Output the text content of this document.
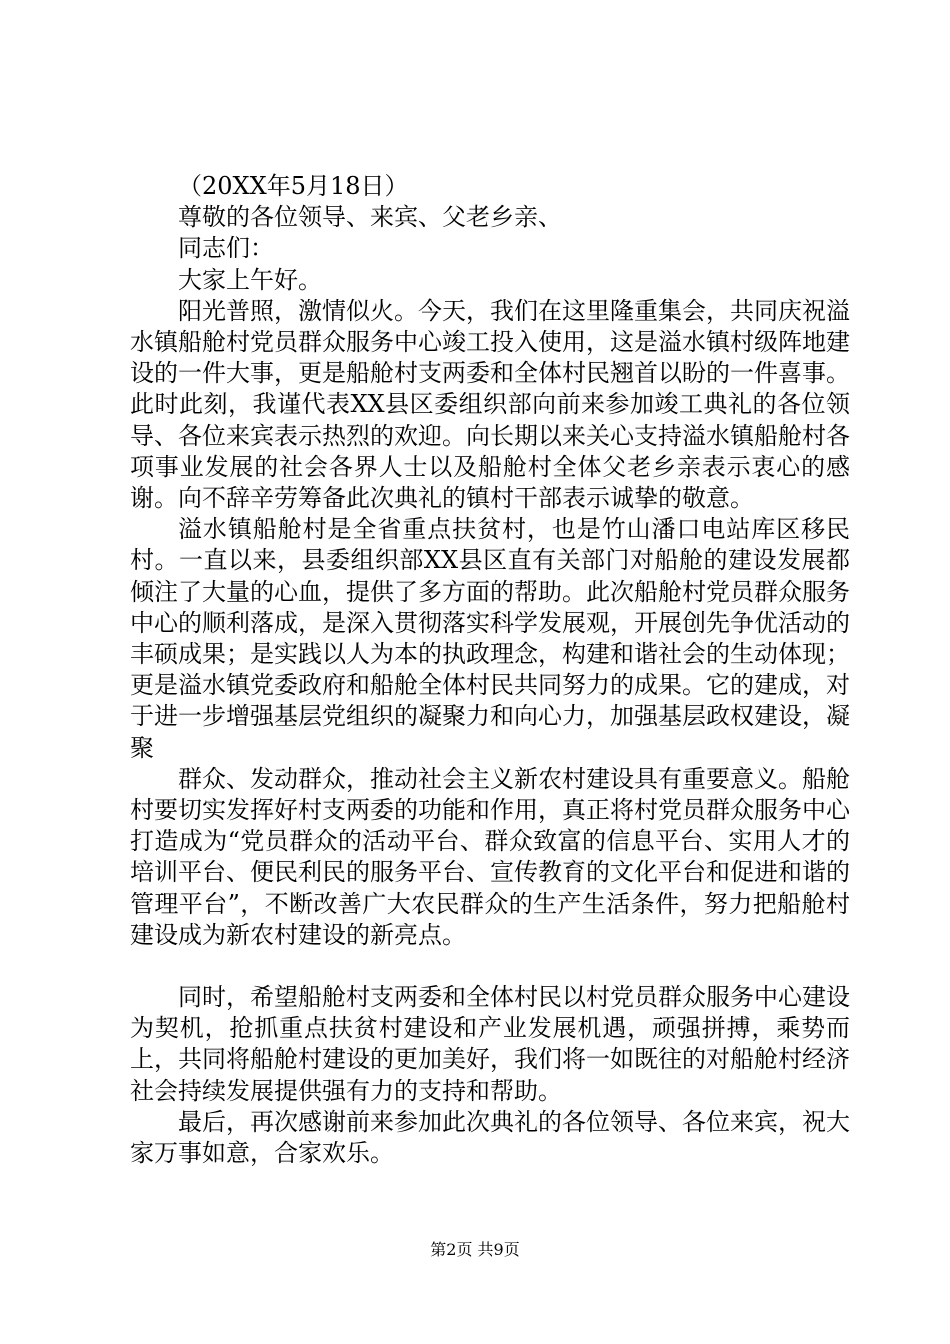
（20XX年5月18日）

尊敬的各位领导、来宾、父老乡亲、

同志们：

大家上午好。

阳光普照，激情似火。今天，我们在这里隆重集会，共同庆祝溢水镇船舱村党员群众服务中心竣工投入使用，这是溢水镇村级阵地建设的一件大事，更是船舱村支两委和全体村民翘首以盼的一件喜事。此时此刻，我谨代表XX县区委组织部向前来参加竣工典礼的各位领导、各位来宾表示热烈的欢迎。向长期以来关心支持溢水镇船舱村各项事业发展的社会各界人士以及船舱村全体父老乡亲表示衷心的感谢。向不辞辛劳筹备此次典礼的镇村干部表示诚挚的敬意。

溢水镇船舱村是全省重点扶贫村，也是竹山潘口电站库区移民村。一直以来，县委组织部XX县区直有关部门对船舱的建设发展都倾注了大量的心血，提供了多方面的帮助。此次船舱村党员群众服务中心的顺利落成，是深入贯彻落实科学发展观，开展创先争优活动的丰硕成果；是实践以人为本的执政理念，构建和谐社会的生动体现；更是溢水镇党委政府和船舱全体村民共同努力的成果。它的建成，对于进一步增强基层党组织的凝聚力和向心力，加强基层政权建设，凝聚

群众、发动群众，推动社会主义新农村建设具有重要意义。船舱村要切实发挥好村支两委的功能和作用，真正将村党员群众服务中心打造成为“党员群众的活动平台、群众致富的信息平台、实用人才的培训平台、便民利民的服务平台、宣传教育的文化平台和促进和谐的管理平台”，不断改善广大农民群众的生产生活条件，努力把船舱村建设成为新农村建设的新亮点。

同时，希望船舱村支两委和全体村民以村党员群众服务中心建设为契机，抢抓重点扶贫村建设和产业发展机遇，顽强拼搏，乘势而上，共同将船舱村建设的更加美好，我们将一如既往的对船舱村经济社会持续发展提供强有力的支持和帮助。

最后，再次感谢前来参加此次典礼的各位领导、各位来宾，祝大家万事如意，合家欢乐。

第2页 共9页
